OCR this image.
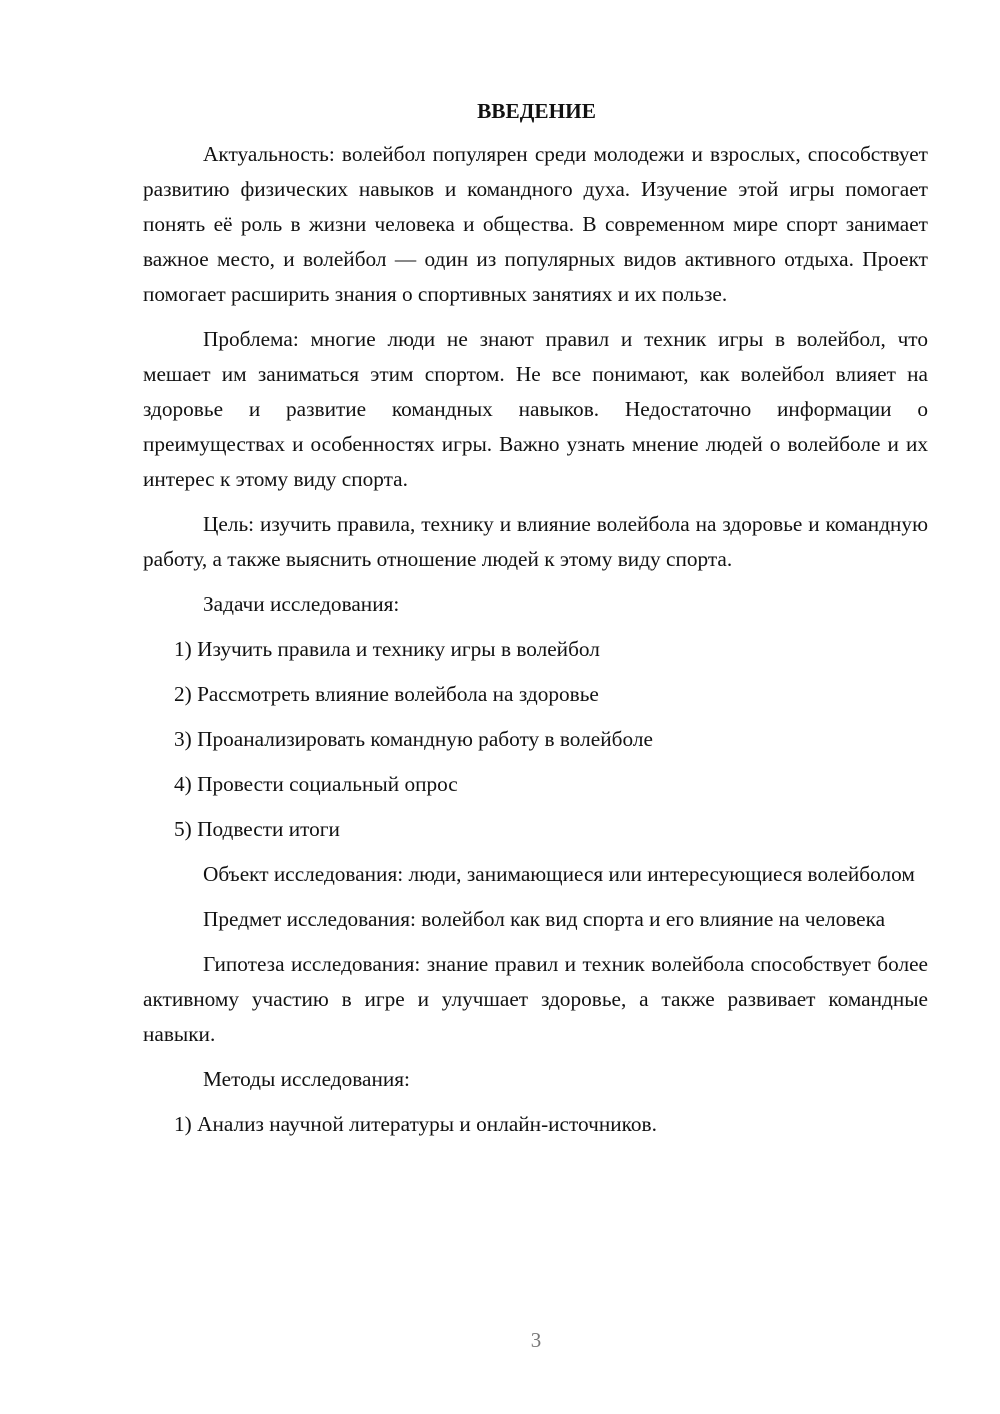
ВВЕДЕНИЕ

Актуальность: волейбол популярен среди молодежи и взрослых, способствует развитию физических навыков и командного духа. Изучение этой игры помогает понять её роль в жизни человека и общества. В современном мире спорт занимает важное место, и волейбол — один из популярных видов активного отдыха. Проект помогает расширить знания о спортивных занятиях и их пользе.

Проблема: многие люди не знают правил и техник игры в волейбол, что мешает им заниматься этим спортом. Не все понимают, как волейбол влияет на здоровье и развитие командных навыков. Недостаточно информации о преимуществах и особенностях игры. Важно узнать мнение людей о волейболе и их интерес к этому виду спорта.

Цель: изучить правила, технику и влияние волейбола на здоровье и командную работу, а также выяснить отношение людей к этому виду спорта.

Задачи исследования:

1) Изучить правила и технику игры в волейбол
2) Рассмотреть влияние волейбола на здоровье
3) Проанализировать командную работу в волейболе
4) Провести социальный опрос
5) Подвести итоги

Объект исследования: люди, занимающиеся или интересующиеся волейболом

Предмет исследования: волейбол как вид спорта и его влияние на человека

Гипотеза исследования: знание правил и техник волейбола способствует более активному участию в игре и улучшает здоровье, а также развивает командные навыки.

Методы исследования:

1) Анализ научной литературы и онлайн-источников.
3
